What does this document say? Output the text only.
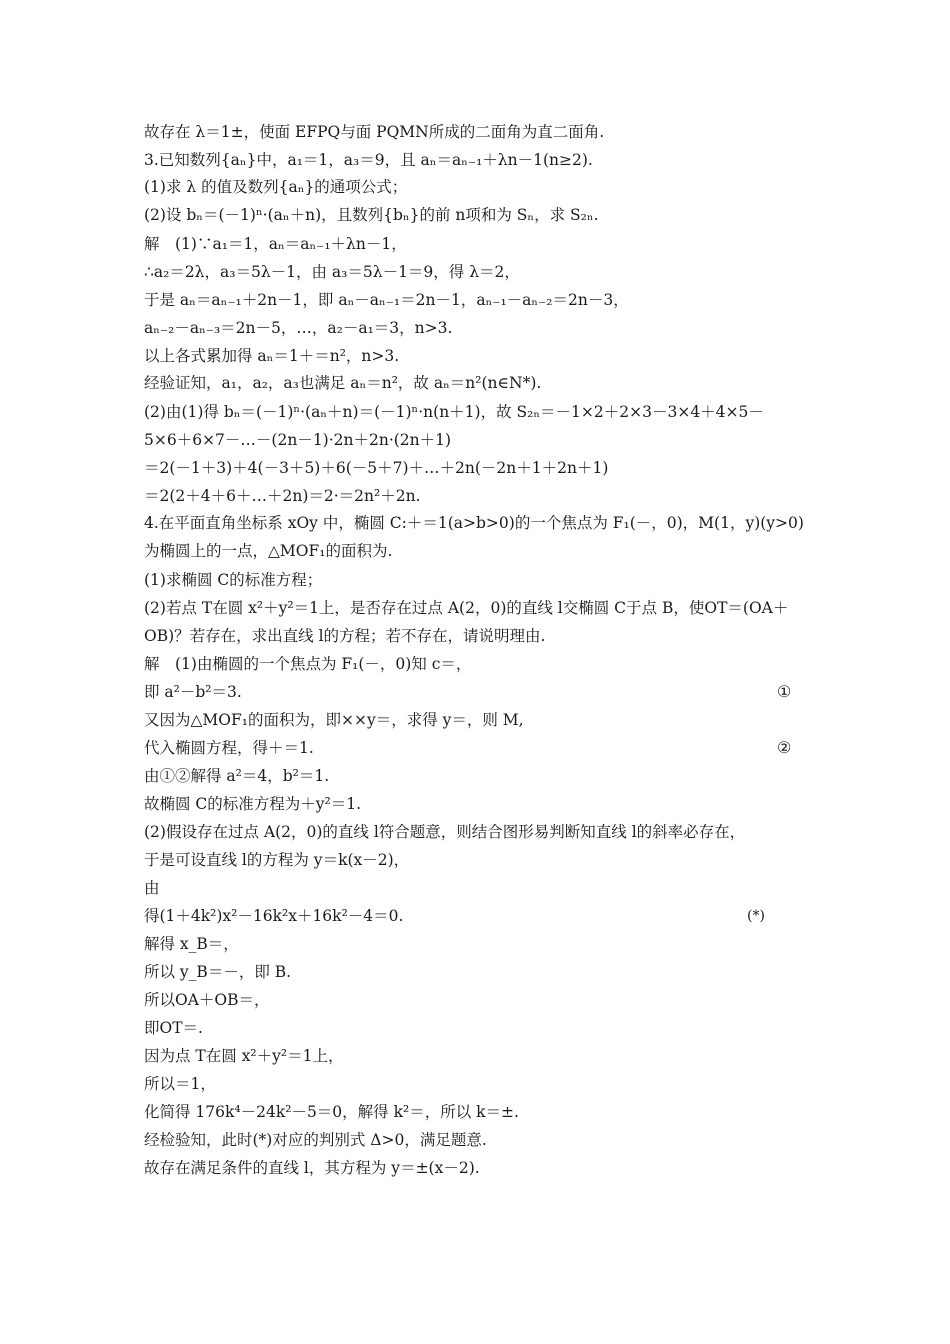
故存在 λ＝1±，使面 EFPQ与面 PQMN所成的二面角为直二面角.
3.已知数列{aₙ}中，a₁＝1，a₃＝9，且 aₙ＝aₙ₋₁＋λn－1(n≥2).
(1)求 λ 的值及数列{aₙ}的通项公式；
(2)设 bₙ＝(－1)ⁿ·(aₙ＋n)，且数列{bₙ}的前 n项和为 Sₙ，求 S₂ₙ.
解　(1)∵a₁＝1，aₙ＝aₙ₋₁＋λn－1，
∴a₂＝2λ，a₃＝5λ－1，由 a₃＝5λ－1＝9，得 λ＝2，
于是 aₙ＝aₙ₋₁＋2n－1，即 aₙ－aₙ₋₁＝2n－1，aₙ₋₁－aₙ₋₂＝2n－3，
aₙ₋₂－aₙ₋₃＝2n－5，…，a₂－a₁＝3，n>3.
以上各式累加得 aₙ＝1＋＝n²，n>3.
经验证知，a₁，a₂，a₃也满足 aₙ＝n²，故 aₙ＝n²(n∈N*).
(2)由(1)得 bₙ＝(－1)ⁿ·(aₙ＋n)＝(－1)ⁿ·n(n＋1)，故 S₂ₙ＝－1×2＋2×3－3×4＋4×5－
5×6＋6×7－…－(2n－1)·2n＋2n·(2n＋1)
＝2(－1＋3)＋4(－3＋5)＋6(－5＋7)＋…＋2n(－2n＋1＋2n＋1)
＝2(2＋4＋6＋…＋2n)＝2·＝2n²＋2n.
4.在平面直角坐标系 xOy 中，椭圆 C:＋＝1(a>b>0)的一个焦点为 F₁(－，0)，M(1，y)(y>0)
为椭圆上的一点，△MOF₁的面积为.
(1)求椭圆 C的标准方程；
(2)若点 T在圆 x²＋y²＝1上，是否存在过点 A(2，0)的直线 l交椭圆 C于点 B，使OT＝(OA＋
OB)？若存在，求出直线 l的方程；若不存在，请说明理由.
解　(1)由椭圆的一个焦点为 F₁(－，0)知 c＝，
即 a²－b²＝3.
又因为△MOF₁的面积为，即××y＝，求得 y＝，则 M,
代入椭圆方程，得＋＝1.
由①②解得 a²＝4，b²＝1.
故椭圆 C的标准方程为＋y²＝1.
(2)假设存在过点 A(2，0)的直线 l符合题意，则结合图形易判断知直线 l的斜率必存在，
于是可设直线 l的方程为 y＝k(x－2)，
由
得(1＋4k²)x²－16k²x＋16k²－4＝0.
解得 x_B＝，
所以 y_B＝－，即 B.
所以OA＋OB＝，
即OT＝.
因为点 T在圆 x²＋y²＝1上，
所以＝1，
化简得 176k⁴－24k²－5＝0，解得 k²＝，所以 k＝±.
经检验知，此时(*)对应的判别式 Δ>0，满足题意.
故存在满足条件的直线 l，其方程为 y＝±(x－2).
①
②
(*)
